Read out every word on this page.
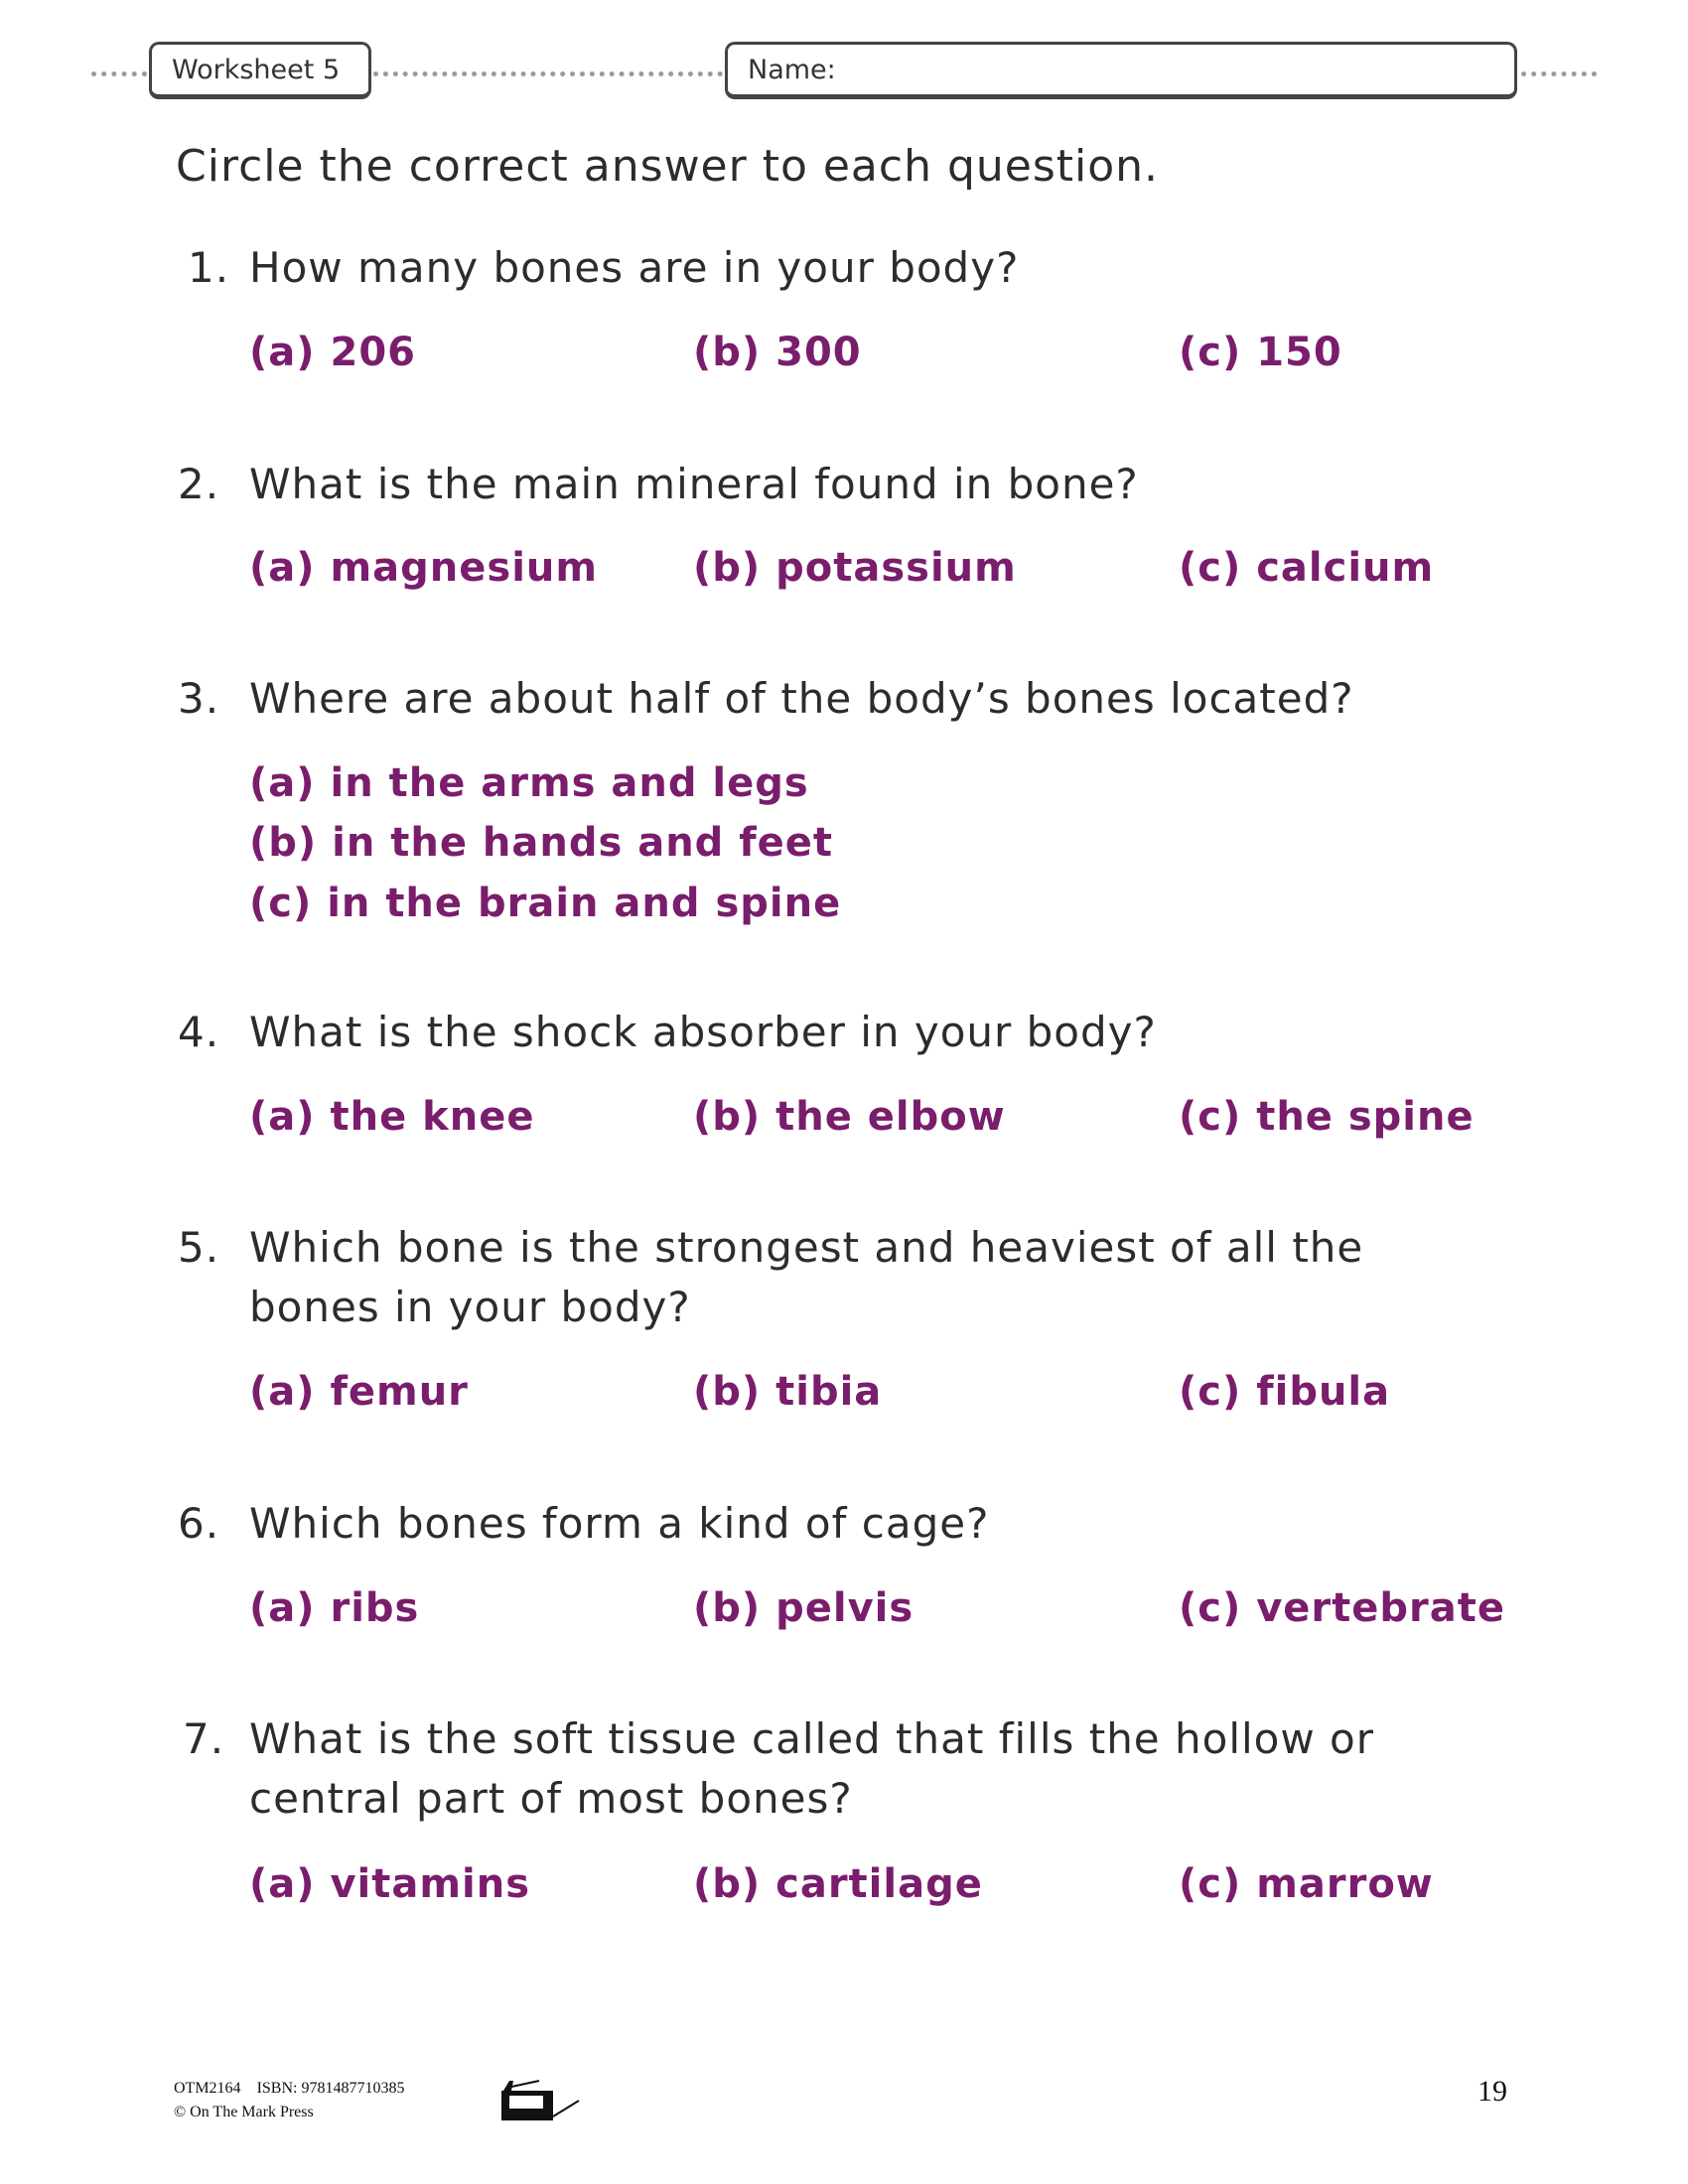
Worksheet 5	Name:
Circle the correct answer to each question.
1. How many bones are in your body?
(a) 206	(b) 300	(c) 150
2. What is the main mineral found in bone?
(a) magnesium (b) potassium	(c) calcium
3. Where are about half of the body’s bones located?
(a) in the arms and legs
(b) in the hands and feet
(c) in the brain and spine
4. What is the shock absorber in your body?
(a) the knee	(b) the elbow	(c) the spine
5. Which bone is the strongest and heaviest of all the
bones in your body?
(a) femur	(b) tibia	(c) fibula
6. Which bones form a kind of cage?
(a) ribs	(b) pelvis	(c) vertebrate
7. What is the soft tissue called that fills the hollow or
central part of most bones?
(a) vitamins	(b) cartilage	(c) marrow
OTM2164 ISBN: 9781487710385
© On The Mark Press
19
